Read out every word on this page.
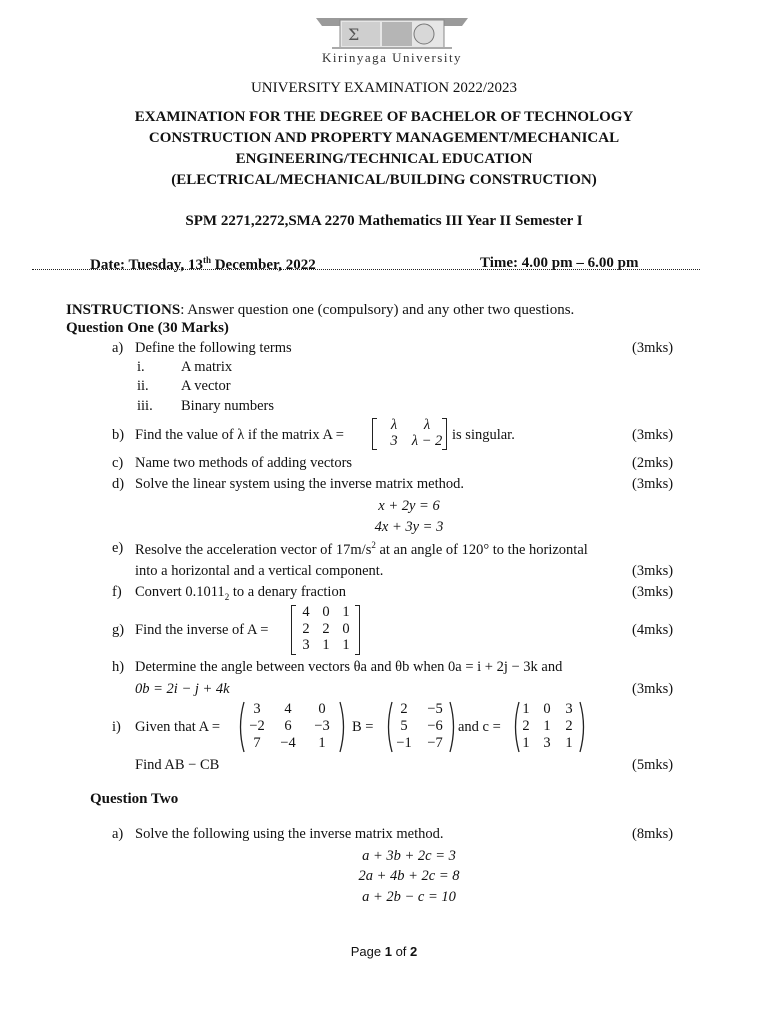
Σ
Kirinyaga University
UNIVERSITY EXAMINATION 2022/2023
EXAMINATION FOR THE DEGREE OF BACHELOR OF TECHNOLOGY
CONSTRUCTION AND PROPERTY MANAGEMENT/MECHANICAL
ENGINEERING/TECHNICAL EDUCATION
(ELECTRICAL/MECHANICAL/BUILDING CONSTRUCTION)
SPM 2271,2272,SMA 2270 Mathematics III Year II Semester I
Date: Tuesday, 13th December, 2022	Time: 4.00 pm – 6.00 pm
INSTRUCTIONS: Answer question one (compulsory) and any other two questions.
Question One (30 Marks)
a) Define the following terms	(3mks)
i.	A matrix
ii. A vector
iii. Binary numbers
b) Find the value of λ if the matrix A =
λ	λ
3 λ − 2 is singular.	(3mks)
c) Name two methods of adding vectors	(2mks)
d) Solve the linear system using the inverse matrix method.	(3mks)
x + 2y = 6
4x + 3y = 3
e) Resolve the acceleration vector of $17m/s^2$ at an angle of 120° to the horizontal
into a horizontal and a vertical component.	(3mks)
f) Convert $0.1011_2$ to a denary fraction	(3mks)
g) Find the inverse of A =
4 0 1
2 2 0
3 1 1
(4mks)
h) Determine the angle between vectors θa and θb when 0a = i + 2j − 3k and
0b = 2i − j + 4k	(3mks)
i) Given that A =
3	4	0
−2	6	−3
7	−4	1
B =
2	−5
5	−6
−1	−7
and c =
1 0	3
2 1	2
1 3	1
Find AB − CB	(5mks)
Question Two
a) Solve the following using the inverse matrix method.	(8mks)
a + 3b + 2c = 3
2a + 4b + 2c = 8
a + 2b − c = 10
Page 1 of 2
